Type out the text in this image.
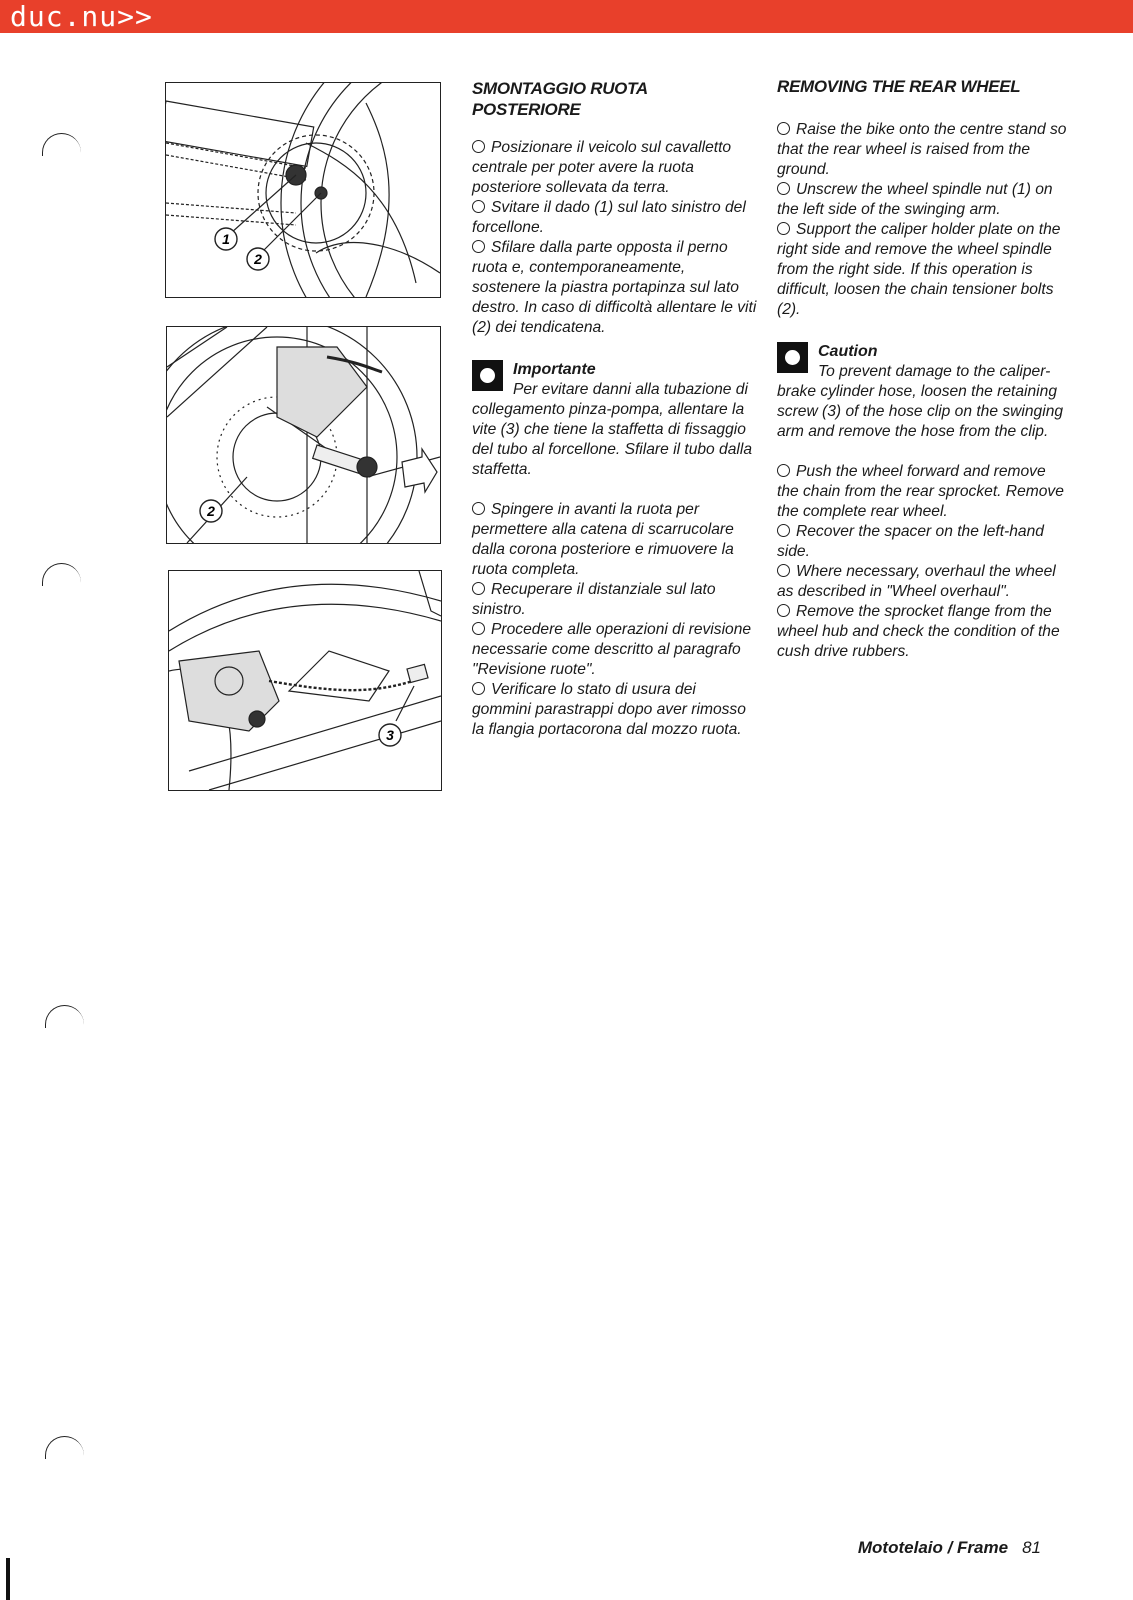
duc.nu>>
1
2
2
3
SMONTAGGIO RUOTA POSTERIORE

Posizionare il veicolo sul cavalletto centrale per poter avere la ruota posteriore sollevata da terra.

Svitare il dado (1) sul lato sinistro del forcellone.

Sfilare dalla parte opposta il perno ruota e, contemporaneamente, sostenere la piastra portapinza sul lato destro. In caso di difficoltà allentare le viti (2) dei tendicatena.

Importante
Per evitare danni alla tubazione di collegamento pinza-pompa, allentare la vite (3) che tiene la staffetta di fissaggio del tubo al forcellone. Sfilare il tubo dalla staffetta.

Spingere in avanti la ruota per permettere alla catena di scarrucolare dalla corona posteriore e rimuovere la ruota completa.

Recuperare il distanziale sul lato sinistro.

Procedere alle operazioni di revisione necessarie come descritto al paragrafo "Revisione ruote".

Verificare lo stato di usura dei gommini parastrappi dopo aver rimosso la flangia portacorona dal mozzo ruota.

REMOVING THE REAR WHEEL

Raise the bike onto the centre stand so that the rear wheel is raised from the ground.

Unscrew the wheel spindle nut (1) on the left side of the swinging arm.

Support the caliper holder plate on the right side and remove the wheel spindle from the right side. If this operation is difficult, loosen the chain tensioner bolts (2).

Caution
To prevent damage to the caliper-brake cylinder hose, loosen the retaining screw (3) of the hose clip on the swinging arm and remove the hose from the clip.

Push the wheel forward and remove the chain from the rear sprocket. Remove the complete rear wheel.

Recover the spacer on the left-hand side.

Where necessary, overhaul the wheel as described in "Wheel overhaul".

Remove the sprocket flange from the wheel hub and check the condition of the cush drive rubbers.

Mototelaio / Frame 81
